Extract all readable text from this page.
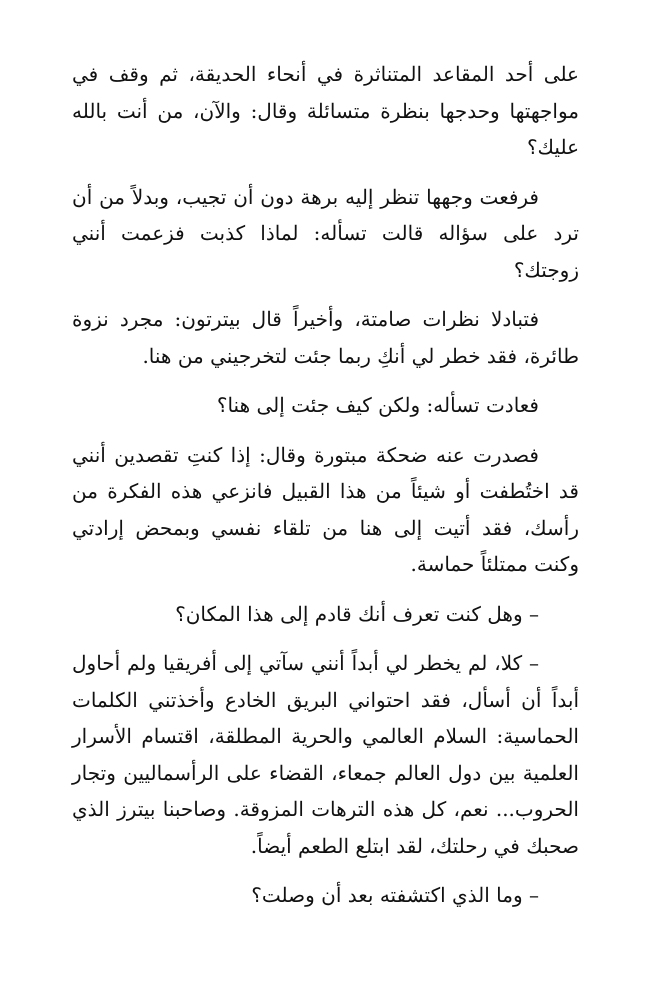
على أحد المقاعد المتناثرة في أنحاء الحديقة، ثم وقف في مواجهتها وحدجها بنظرة متسائلة وقال: والآن، من أنت بالله عليك؟

فرفعت وجهها تنظر إليه برهة دون أن تجيب، وبدلاً من أن ترد على سؤاله قالت تسأله: لماذا كذبت فزعمت أنني زوجتك؟

فتبادلا نظرات صامتة، وأخيراً قال بيترتون: مجرد نزوة طائرة، فقد خطر لي أنكِ ربما جئت لتخرجيني من هنا.

فعادت تسأله: ولكن كيف جئت إلى هنا؟

فصدرت عنه ضحكة مبتورة وقال: إذا كنتِ تقصدين أنني قد اختُطفت أو شيئاً من هذا القبيل فانزعي هذه الفكرة من رأسك، فقد أتيت إلى هنا من تلقاء نفسي وبمحض إرادتي وكنت ممتلئاً حماسة.

– وهل كنت تعرف أنك قادم إلى هذا المكان؟

– كلا، لم يخطر لي أبداً أنني سآتي إلى أفريقيا ولم أحاول أبداً أن أسأل، فقد احتواني البريق الخادع وأخذتني الكلمات الحماسية: السلام العالمي والحرية المطلقة، اقتسام الأسرار العلمية بين دول العالم جمعاء، القضاء على الرأسماليين وتجار الحروب... نعم، كل هذه الترهات المزوقة. وصاحبنا بيترز الذي صحبك في رحلتك، لقد ابتلع الطعم أيضاً.

– وما الذي اكتشفته بعد أن وصلت؟
